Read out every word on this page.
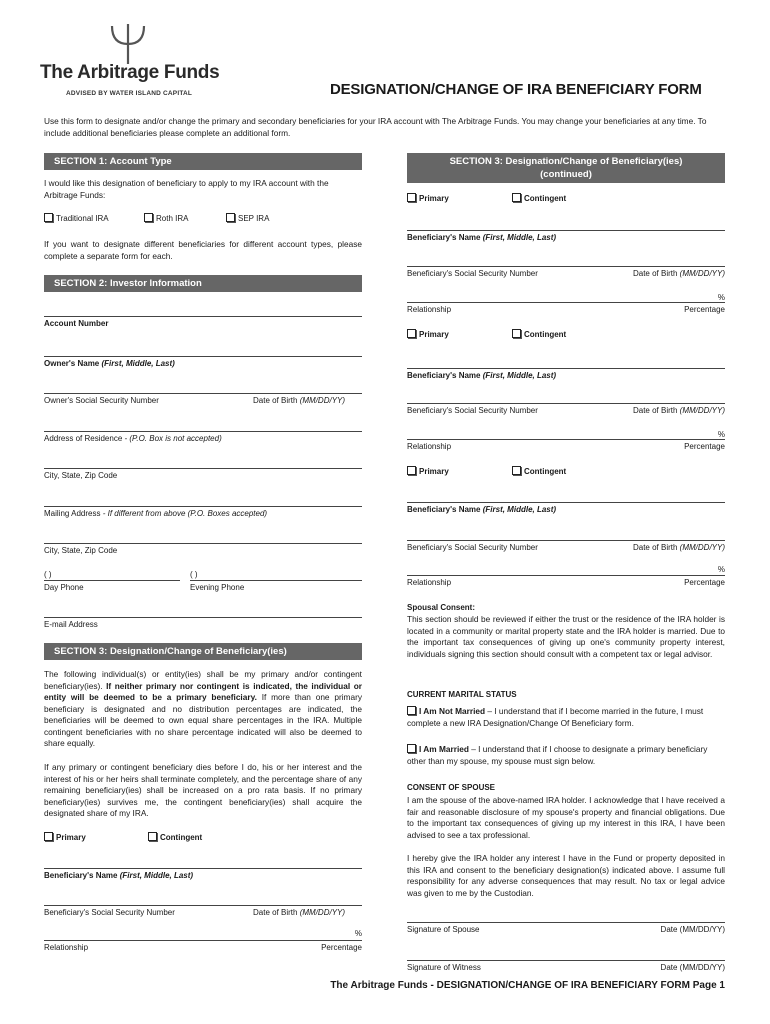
The Arbitrage Funds
ADVISED BY WATER ISLAND CAPITAL	DESIGNATION/CHANGE OF IRA BENEFICIARY FORM
Use this form to designate and/or change the primary and secondary beneficiaries for your IRA account with The Arbitrage Funds. You may change your beneficiaries at any time. To include additional beneficiaries please complete an additional form.
SECTION 1: Account Type
I would like this designation of beneficiary to apply to my IRA account with the Arbitrage Funds:
Traditional IRA	Roth IRA	SEP IRA
If you want to designate different beneficiaries for different account types, please complete a separate form for each.
SECTION 2: Investor Information
Account Number
Owner's Name (First, Middle, Last)
Owner's Social Security Number	Date of Birth (MM/DD/YY)
Address of Residence - (P.O. Box is not accepted)
City, State, Zip Code
Mailing Address - If different from above (P.O. Boxes accepted)
City, State, Zip Code
( )	( )
Day Phone	Evening Phone
E-mail Address
SECTION 3: Designation/Change of Beneficiary(ies)
The following individual(s) or entity(ies) shall be my primary and/or contingent beneficiary(ies). If neither primary nor contingent is indicated, the individual or entity will be deemed to be a primary beneficiary. If more than one primary beneficiary is designated and no distribution percentages are indicated, the beneficiaries will be deemed to own equal share percentages in the IRA. Multiple contingent beneficiaries with no share percentage indicated will also be deemed to share equally.
If any primary or contingent beneficiary dies before I do, his or her interest and the interest of his or her heirs shall terminate completely, and the percentage share of any remaining beneficiary(ies) shall be increased on a pro rata basis. If no primary beneficiary(ies) survives me, the contingent beneficiary(ies) shall acquire the designated share of my IRA.
Primary	Contingent
Beneficiary's Name (First, Middle, Last)
Beneficiary's Social Security Number	Date of Birth (MM/DD/YY)
%
Relationship	Percentage
SECTION 3: Designation/Change of Beneficiary(ies)
(continued)
Primary	Contingent
Beneficiary's Name (First, Middle, Last)
Beneficiary's Social Security Number	Date of Birth (MM/DD/YY)
%
Relationship	Percentage
Primary	Contingent
Beneficiary's Name (First, Middle, Last)
Beneficiary's Social Security Number	Date of Birth (MM/DD/YY)
%
Relationship	Percentage
Primary	Contingent
Beneficiary's Name (First, Middle, Last)
Beneficiary's Social Security Number	Date of Birth (MM/DD/YY)
%
Relationship	Percentage
Spousal Consent:
This section should be reviewed if either the trust or the residence of the IRA holder is located in a community or marital property state and the IRA holder is married. Due to the important tax consequences of giving up one's community property interest, individuals signing this section should consult with a competent tax or legal advisor.
CURRENT MARITAL STATUS
I Am Not Married – I understand that if I become married in the future, I must complete a new IRA Designation/Change Of Beneficiary form.
I Am Married – I understand that if I choose to designate a primary beneficiary other than my spouse, my spouse must sign below.
CONSENT OF SPOUSE
I am the spouse of the above-named IRA holder. I acknowledge that I have received a fair and reasonable disclosure of my spouse's property and financial obligations. Due to the important tax consequences of giving up my interest in this IRA, I have been advised to see a tax professional.
I hereby give the IRA holder any interest I have in the Fund or property deposited in this IRA and consent to the beneficiary designation(s) indicated above. I assume full responsibility for any adverse consequences that may result. No tax or legal advice was given to me by the Custodian.
Signature of Spouse	Date (MM/DD/YY)
Signature of Witness	Date (MM/DD/YY)
The Arbitrage Funds - DESIGNATION/CHANGE OF IRA BENEFICIARY FORM Page 1
